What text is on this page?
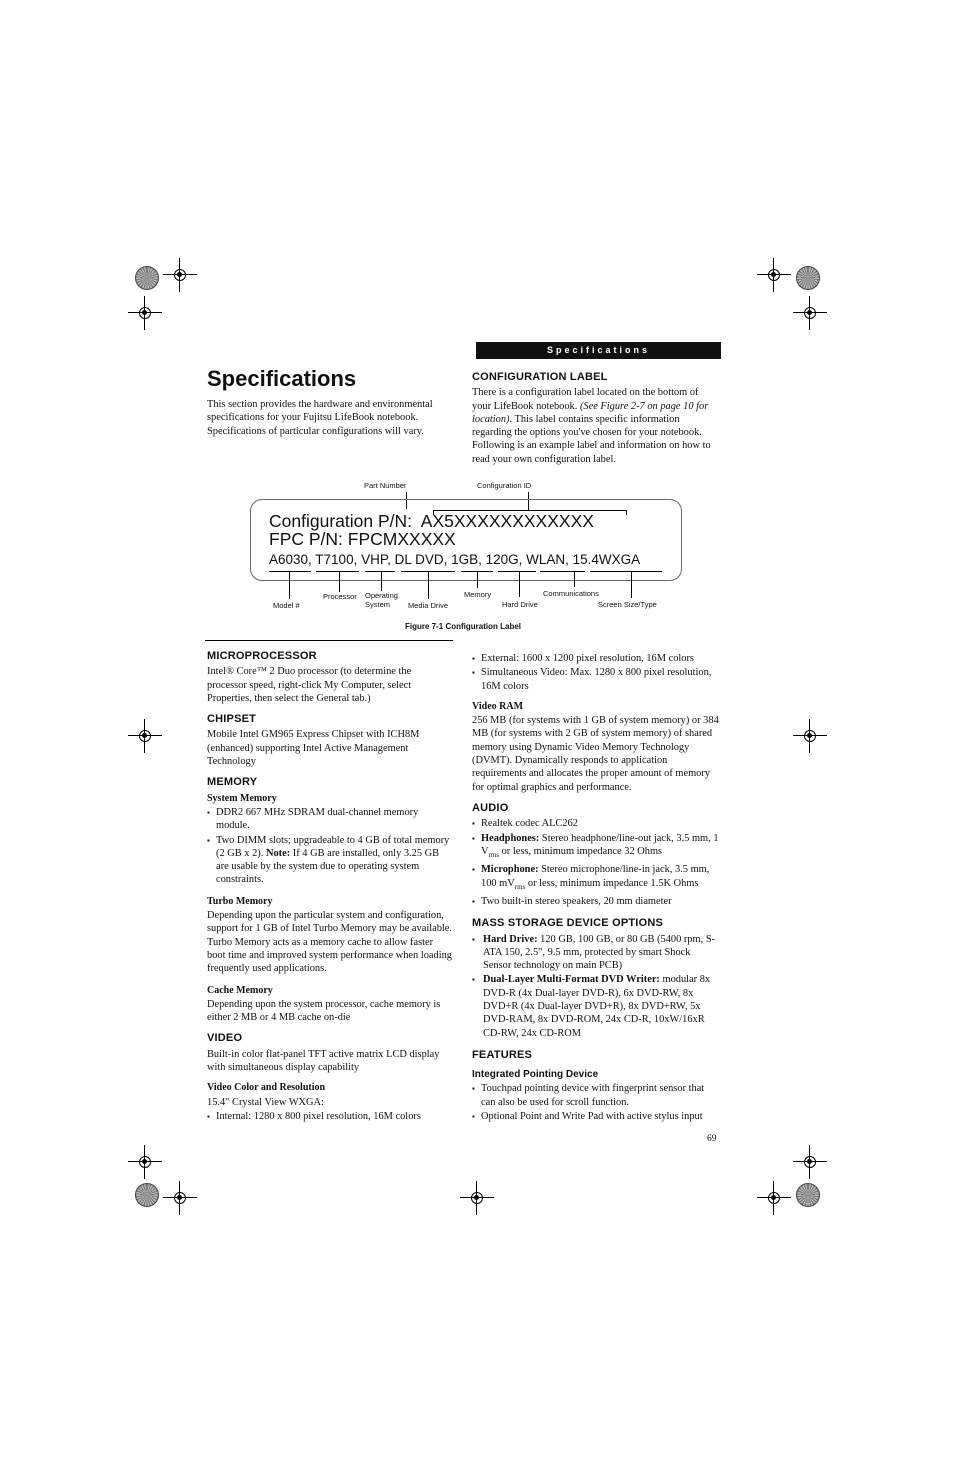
Specifications
Specifications

This section provides the hardware and environmental specifications for your Fujitsu LifeBook notebook. Specifications of particular configurations will vary.

CONFIGURATION LABEL

There is a configuration label located on the bottom of your LifeBook notebook. (See Figure 2-7 on page 10 for location). This label contains specific information regarding the options you've chosen for your notebook. Following is an example label and information on how to read your own configuration label.

Part Number	Configuration ID
Configuration P/N: AX5XXXXXXXXXXXX
FPC P/N: FPCMXXXXX
A6030, T7100, VHP, DL DVD, 1GB, 120G, WLAN, 15.4WXGA
Model #
Processor Operating
System Media Drive
Memory
Hard Drive
Communications
Screen Size/Type
Figure 7-1 Configuration Label
MICROPROCESSOR

Intel® Core™ 2 Duo processor (to determine the processor speed, right-click My Computer, select Properties, then select the General tab.)

CHIPSET

Mobile Intel GM965 Express Chipset with ICH8M (enhanced) supporting Intel Active Management Technology

MEMORY
System Memory
▪ DDR2 667 MHz SDRAM dual-channel memory module.
▪ Two DIMM slots; upgradeable to 4 GB of total memory (2 GB x 2). Note: If 4 GB are installed, only 3.25 GB are usable by the system due to operating system constraints.
Turbo Memory

Depending upon the particular system and configuration, support for 1 GB of Intel Turbo Memory may be available. Turbo Memory acts as a memory cache to allow faster boot time and improved system performance when loading frequently used applications.

Cache Memory

Depending upon the system processor, cache memory is either 2 MB or 4 MB cache on-die

VIDEO

Built-in color flat-panel TFT active matrix LCD display with simultaneous display capability

Video Color and Resolution

15.4" Crystal View WXGA:

▪ Internal: 1280 x 800 pixel resolution, 16M colors
▪ External: 1600 x 1200 pixel resolution, 16M colors
▪ Simultaneous Video: Max. 1280 x 800 pixel resolution, 16M colors
Video RAM

256 MB (for systems with 1 GB of system memory) or 384 MB (for systems with 2 GB of system memory) of shared memory using Dynamic Video Memory Technology (DVMT). Dynamically responds to application requirements and allocates the proper amount of memory for optimal graphics and performance.

AUDIO
▪ Realtek codec ALC262
▪ Headphones: Stereo headphone/line-out jack, 3.5 mm, 1 $V_{rms}$ or less, minimum impedance 32 Ohms
▪ Microphone: Stereo microphone/line-in jack, 3.5 mm, 100 $mV_{rms}$ or less, minimum impedance 1.5K Ohms
▪ Two built-in stereo speakers, 20 mm diameter
MASS STORAGE DEVICE OPTIONS
▪ Hard Drive: 120 GB, 100 GB, or 80 GB (5400 rpm, S-ATA 150, 2.5", 9.5 mm, protected by smart Shock Sensor technology on main PCB)
▪ Dual-Layer Multi-Format DVD Writer: modular 8x DVD-R (4x Dual-layer DVD-R), 6x DVD-RW, 8x DVD+R (4x Dual-layer DVD+R), 8x DVD+RW, 5x DVD-RAM, 8x DVD-ROM, 24x CD-R, 10xW/16xR CD-RW, 24x CD-ROM
FEATURES
Integrated Pointing Device
▪ Touchpad pointing device with fingerprint sensor that can also be used for scroll function.
▪ Optional Point and Write Pad with active stylus input
69
